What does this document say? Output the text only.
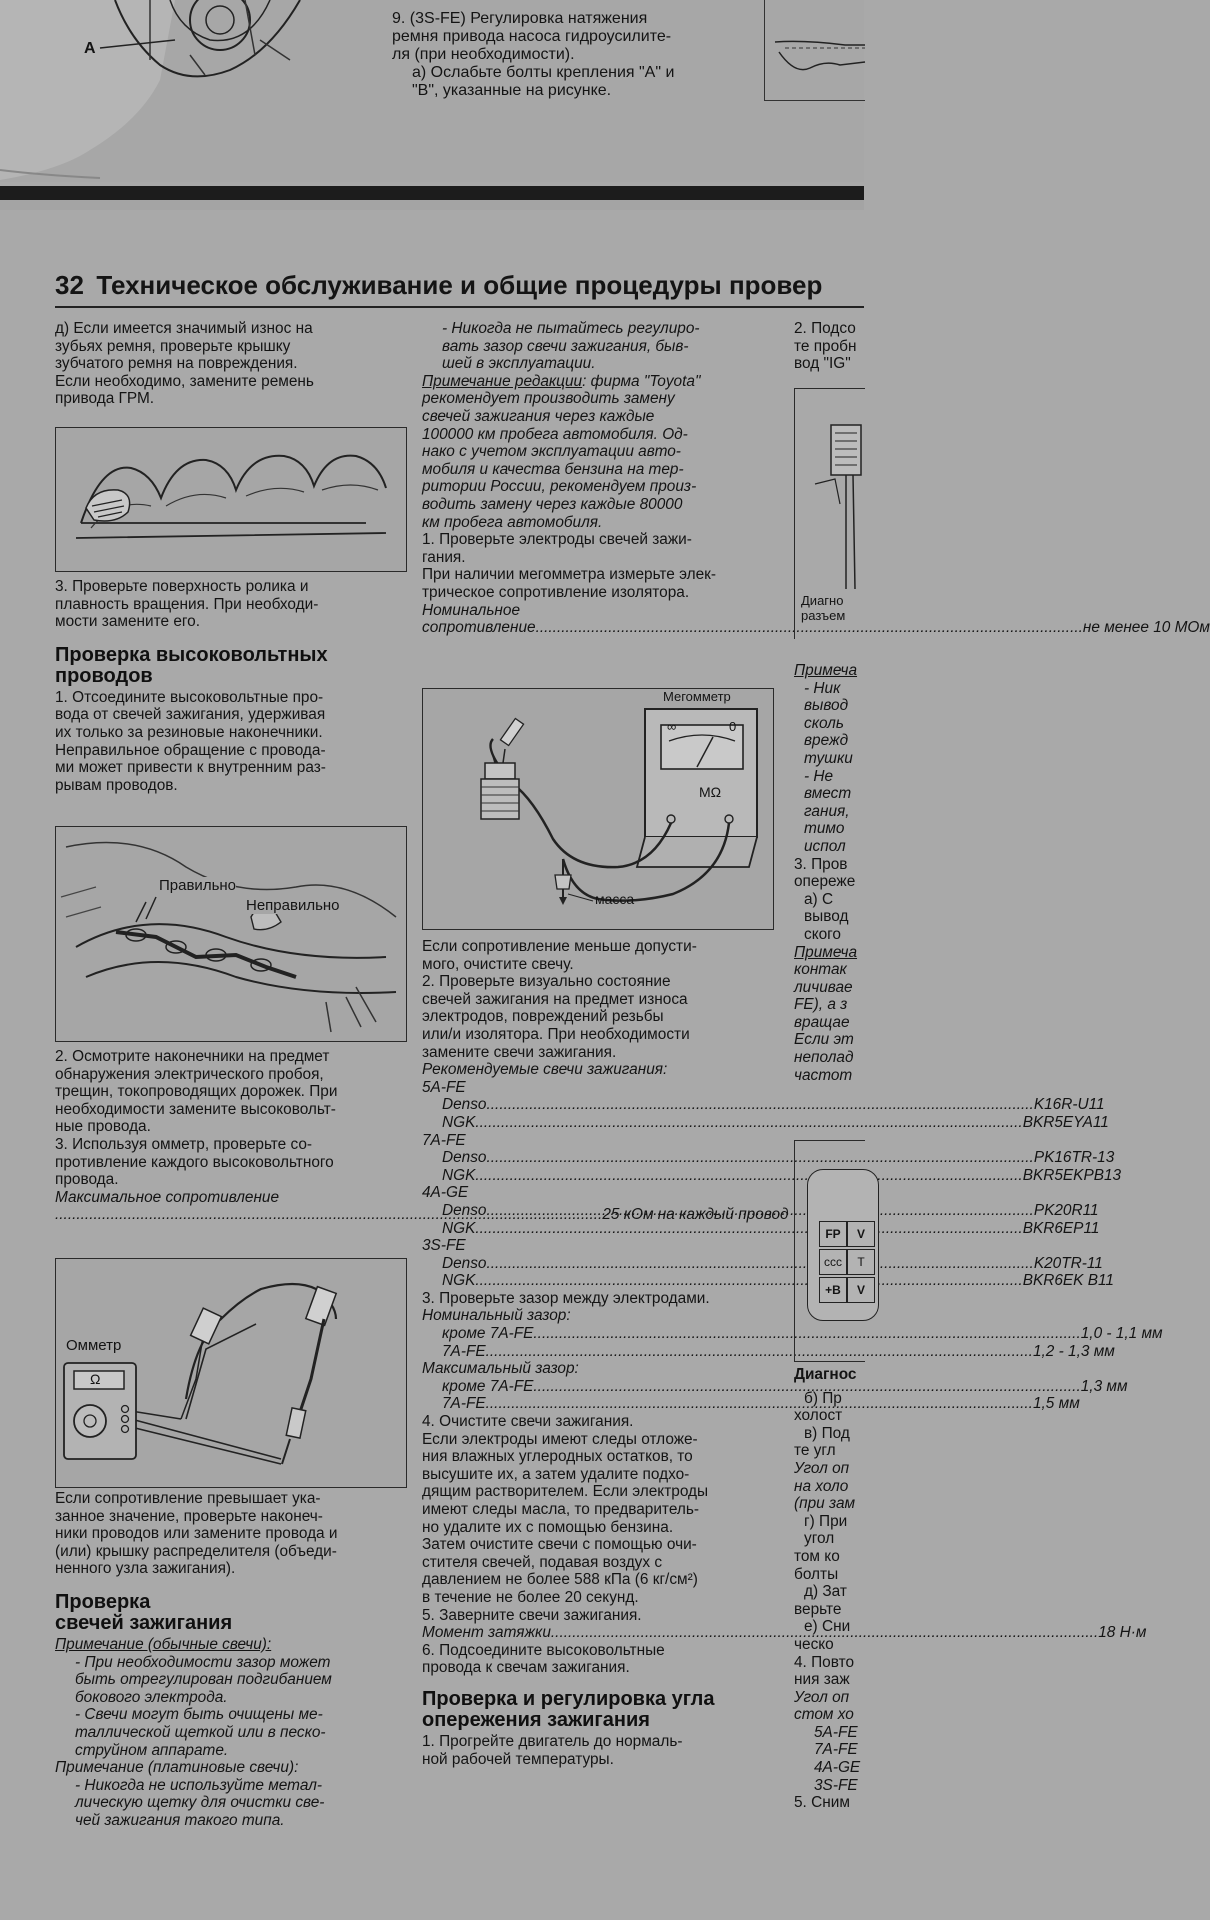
A

9. (3S-FE) Регулировка натяжения

ремня привода насоса гидроусилите-

ля (при необходимости).

а) Ослабьте болты крепления "А" и

"В", указанные на рисунке.

32 Техническое обслуживание и общие процедуры провер

д) Если имеется значимый износ на

зубьях ремня, проверьте крышку

зубчатого ремня на повреждения.

Если необходимо, замените ремень

привода ГРМ.

3. Проверьте поверхность ролика и

плавность вращения. При необходи-

мости замените его.

Проверка высоковольтных
проводов

1. Отсоедините высоковольтные про-

вода от свечей зажигания, удерживая

их только за резиновые наконечники.

Неправильное обращение с провода-

ми может привести к внутренним раз-

рывам проводов.

Правильно
Неправильно

2. Осмотрите наконечники на предмет

обнаружения электрического пробоя,

трещин, токопроводящих дорожек. При

необходимости замените высоковольт-

ные провода.

3. Используя омметр, проверьте со-

противление каждого высоковольтного

провода.

Максимальное сопротивление

.....
25 кОм на каждый провод
Омметр
Ω

Если сопротивление превышает ука-

занное значение, проверьте наконеч-

ники проводов или замените провода и

(или) крышку распределителя (объеди-

ненного узла зажигания).

Проверка
свечей зажигания

Примечание (обычные свечи):

- При необходимости зазор может

быть отрегулирован подгибанием

бокового электрода.

- Свечи могут быть очищены ме-

таллической щеткой или в песко-

струйном аппарате.

Примечание (платиновые свечи):

- Никогда не используйте метал-

лическую щетку для очистки све-

чей зажигания такого типа.

- Никогда не пытайтесь регулиро-

вать зазор свечи зажигания, быв-

шей в эксплуатации.

Примечание редакции: фирма "Toyota"

рекомендует производить замену

свечей зажигания через каждые

100000 км пробега автомобиля. Од-

нако с учетом эксплуатации авто-

мобиля и качества бензина на тер-

ритории России, рекомендуем произ-

водить замену через каждые 80000

км пробега автомобиля.

1. Проверьте электроды свечей зажи-

гания.

При наличии мегомметра измерьте элек-

трическое сопротивление изолятора.

Номинальное

сопротивление .....	не менее 10 МОм
Мегомметр
∞	0
МΩ
масса

Если сопротивление меньше допусти-

мого, очистите свечу.

2. Проверьте визуально состояние

свечей зажигания на предмет износа

электродов, повреждений резьбы

или/и изолятора. При необходимости

замените свечи зажигания.

Рекомендуемые свечи зажигания:

5A-FE

Denso .....	K16R-U11
NGK .....	BKR5EYA11

7A-FE

Denso .....	PK16TR-13
NGK .....	BKR5EKPB13

4A-GE

Denso .....	PK20R11
NGK .....	BKR6EP11

3S-FE

Denso .....	K20TR-11
NGK .....	BKR6EK B11

3. Проверьте зазор между электродами.

Номинальный зазор:

кроме 7A-FE .....	1,0 - 1,1 мм
7A-FE .....	1,2 - 1,3 мм

Максимальный зазор:

кроме 7A-FE .....	1,3 мм
7A-FE .....	1,5 мм

4. Очистите свечи зажигания.

Если электроды имеют следы отложе-

ния влажных углеродных остатков, то

высушите их, а затем удалите подхо-

дящим растворителем. Если электроды

имеют следы масла, то предваритель-

но удалите их с помощью бензина.

Затем очистите свечи с помощью очи-

стителя свечей, подавая воздух с

давлением не более 588 кПа (6 кг/см²)

в течение не более 20 секунд.

5. Заверните свечи зажигания.

Момент затяжки .....	18 Н·м

6. Подсоедините высоковольтные

провода к свечам зажигания.

Проверка и регулировка угла
опережения зажигания

1. Прогрейте двигатель до нормаль-

ной рабочей температуры.

2. Подсо

те пробн

вод "IG"

Диагно

разъем

Примеча

- Ник

вывод

сколь

врежд

тушки

- Не

вмест

гания,

тимо

испол

3. Пров

опереже

а) С

вывод

ского

Примеча

контак

личивае

FE), а з

вращае

Если эт

неполад

частот

FP	V
ccc	T
+B	V

Диагнос

б) Пр

холост

в) Под

те угл

Угол оп

на холо

(при зам

г) При

угол

том ко

болты

д) Зат

верьте

е) Сни

ческо

4. Повто

ния заж

Угол оп

стом хо

5A-FE

7A-FE

4A-GE

3S-FE

5. Сним
